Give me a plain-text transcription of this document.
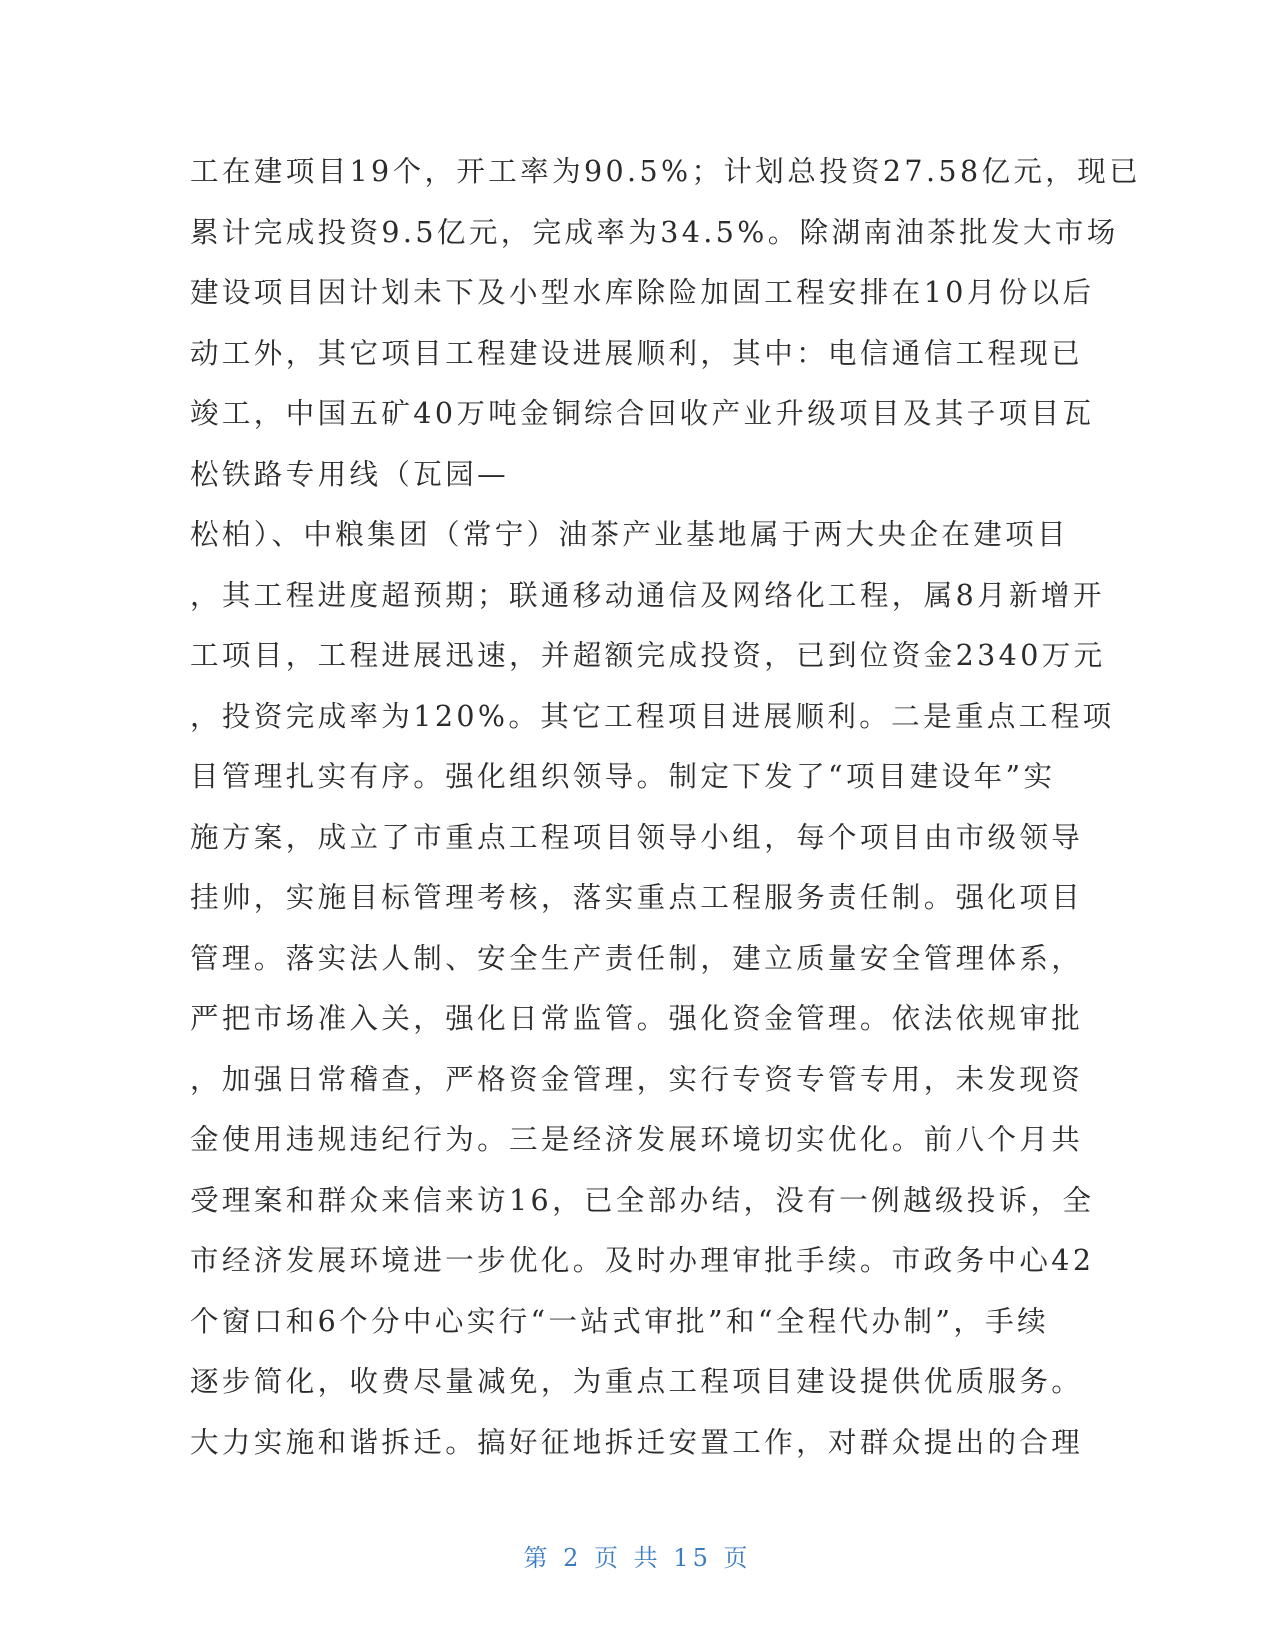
工在建项目19个，开工率为90.5%；计划总投资27.58亿元，现已
累计完成投资9.5亿元，完成率为34.5%。除湖南油茶批发大市场
建设项目因计划未下及小型水库除险加固工程安排在10月份以后
动工外，其它项目工程建设进展顺利，其中：电信通信工程现已
竣工，中国五矿40万吨金铜综合回收产业升级项目及其子项目瓦
松铁路专用线（瓦园—
松柏）、中粮集团（常宁）油茶产业基地属于两大央企在建项目
，其工程进度超预期；联通移动通信及网络化工程，属8月新增开
工项目，工程进展迅速，并超额完成投资，已到位资金2340万元
，投资完成率为120%。其它工程项目进展顺利。二是重点工程项
目管理扎实有序。强化组织领导。制定下发了“项目建设年”实
施方案，成立了市重点工程项目领导小组，每个项目由市级领导
挂帅，实施目标管理考核，落实重点工程服务责任制。强化项目
管理。落实法人制、安全生产责任制，建立质量安全管理体系，
严把市场准入关，强化日常监管。强化资金管理。依法依规审批
，加强日常稽查，严格资金管理，实行专资专管专用，未发现资
金使用违规违纪行为。三是经济发展环境切实优化。前八个月共
受理案和群众来信来访16，已全部办结，没有一例越级投诉，全
市经济发展环境进一步优化。及时办理审批手续。市政务中心42
个窗口和6个分中心实行“一站式审批”和“全程代办制”，手续
逐步简化，收费尽量减免，为重点工程项目建设提供优质服务。
大力实施和谐拆迁。搞好征地拆迁安置工作，对群众提出的合理
第 2 页 共 15 页
